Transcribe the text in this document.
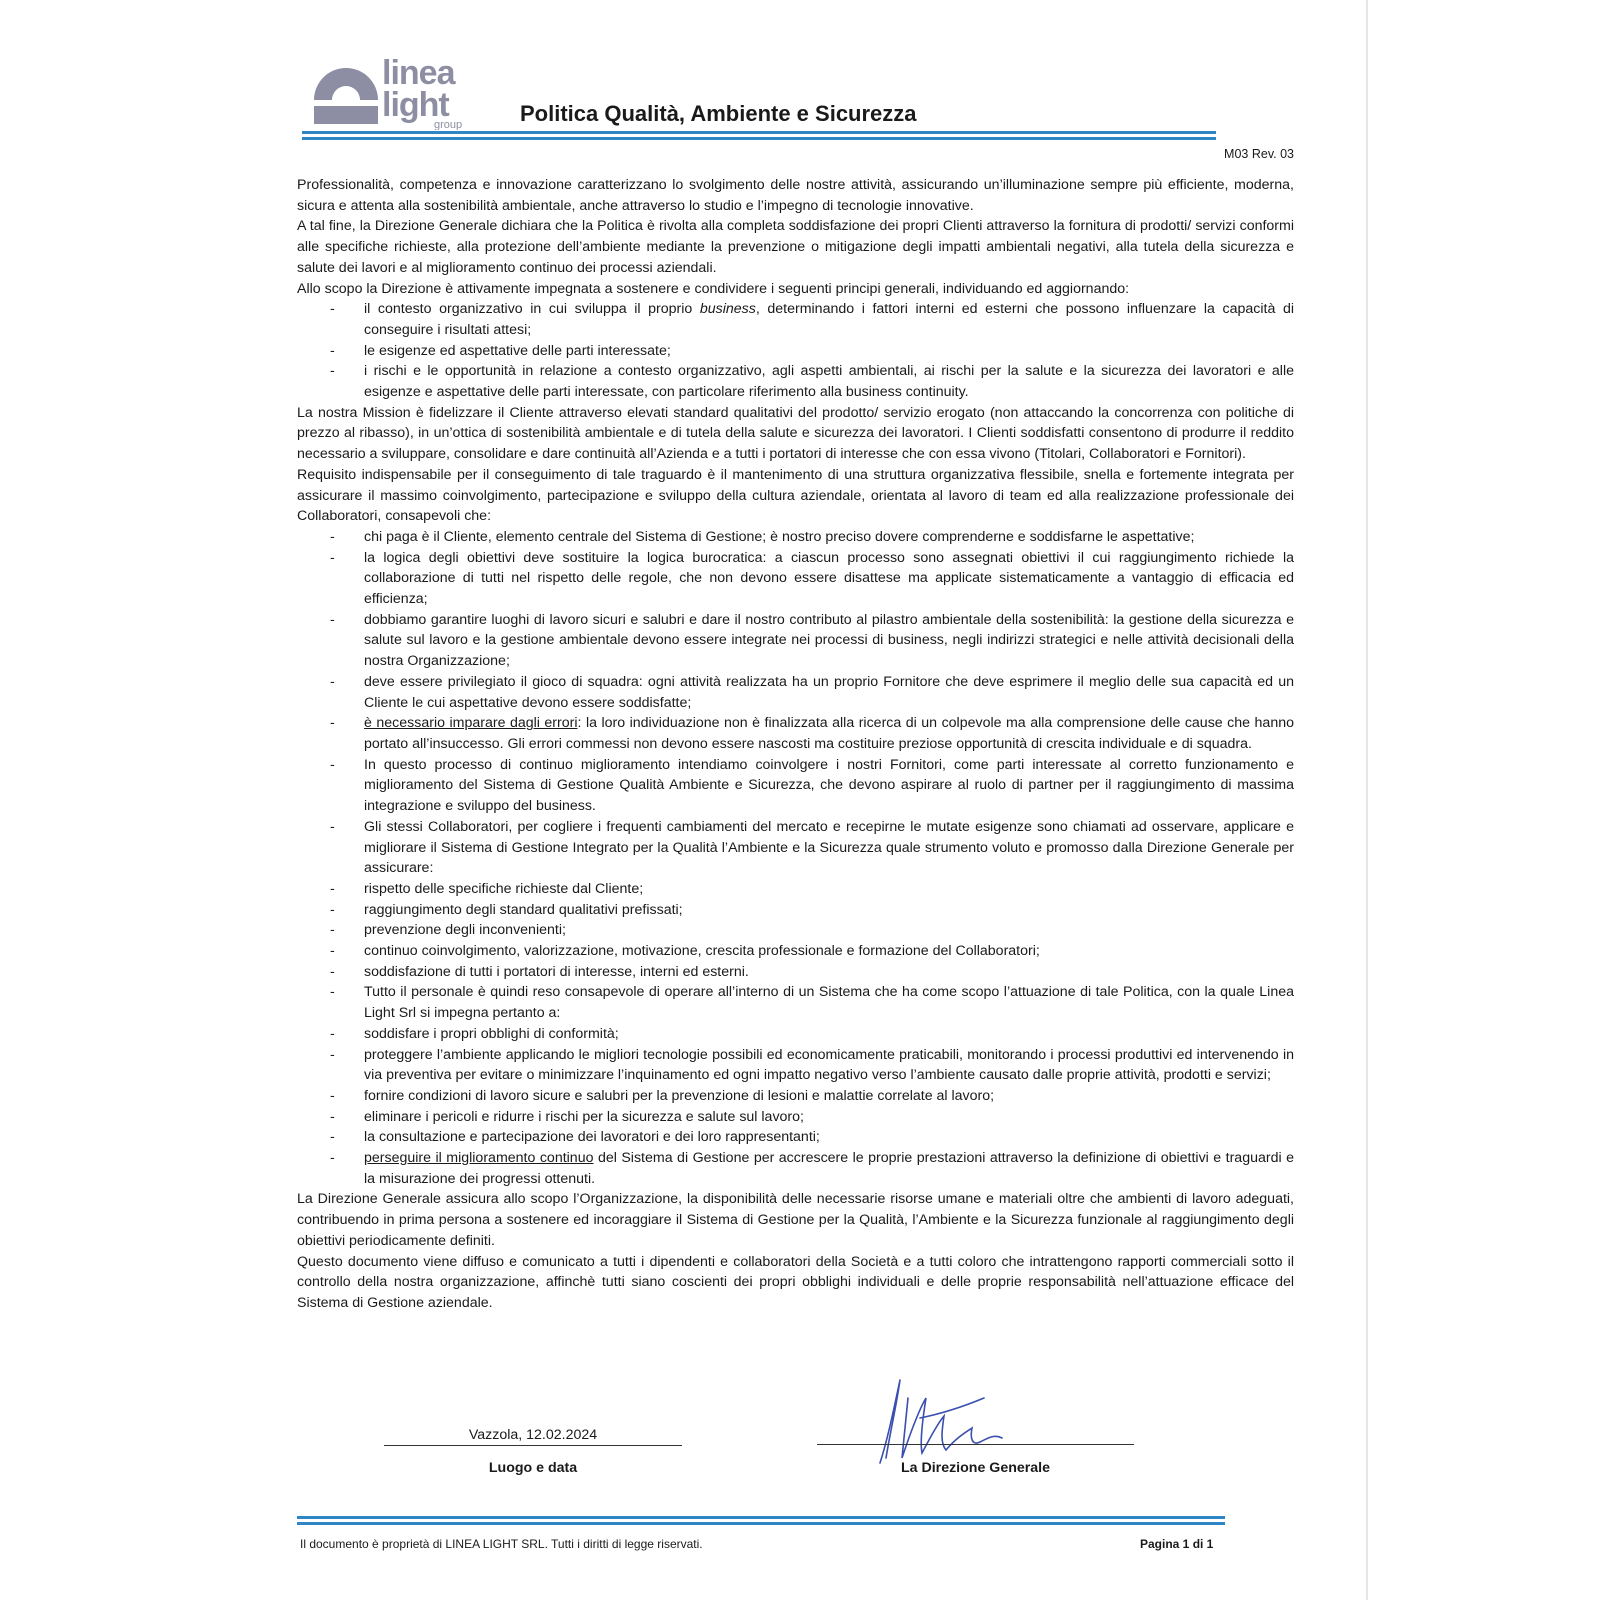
linea
light
group	Politica Qualità, Ambiente e Sicurezza
M03 Rev. 03

Professionalità, competenza e innovazione caratterizzano lo svolgimento delle nostre attività, assicurando un’illuminazione sempre più efficiente, moderna, sicura e attenta alla sostenibilità ambientale, anche attraverso lo studio e l’impegno di tecnologie innovative.

A tal fine, la Direzione Generale dichiara che la Politica è rivolta alla completa soddisfazione dei propri Clienti attraverso la fornitura di prodotti/ servizi conformi alle specifiche richieste, alla protezione dell’ambiente mediante la prevenzione o mitigazione degli impatti ambientali negativi, alla tutela della sicurezza e salute dei lavori e al miglioramento continuo dei processi aziendali.

Allo scopo la Direzione è attivamente impegnata a sostenere e condividere i seguenti principi generali, individuando ed aggiornando:

- il contesto organizzativo in cui sviluppa il proprio business, determinando i fattori interni ed esterni che possono influenzare la capacità di conseguire i risultati attesi;
- le esigenze ed aspettative delle parti interessate;
- i rischi e le opportunità in relazione a contesto organizzativo, agli aspetti ambientali, ai rischi per la salute e la sicurezza dei lavoratori e alle esigenze e aspettative delle parti interessate, con particolare riferimento alla business continuity.

La nostra Mission è fidelizzare il Cliente attraverso elevati standard qualitativi del prodotto/ servizio erogato (non attaccando la concorrenza con politiche di prezzo al ribasso), in un’ottica di sostenibilità ambientale e di tutela della salute e sicurezza dei lavoratori. I Clienti soddisfatti consentono di produrre il reddito necessario a sviluppare, consolidare e dare continuità all’Azienda e a tutti i portatori di interesse che con essa vivono (Titolari, Collaboratori e Fornitori).

Requisito indispensabile per il conseguimento di tale traguardo è il mantenimento di una struttura organizzativa flessibile, snella e fortemente integrata per assicurare il massimo coinvolgimento, partecipazione e sviluppo della cultura aziendale, orientata al lavoro di team ed alla realizzazione professionale dei Collaboratori, consapevoli che:

- chi paga è il Cliente, elemento centrale del Sistema di Gestione; è nostro preciso dovere comprenderne e soddisfarne le aspettative;
- la logica degli obiettivi deve sostituire la logica burocratica: a ciascun processo sono assegnati obiettivi il cui raggiungimento richiede la collaborazione di tutti nel rispetto delle regole, che non devono essere disattese ma applicate sistematicamente a vantaggio di efficacia ed efficienza;
- dobbiamo garantire luoghi di lavoro sicuri e salubri e dare il nostro contributo al pilastro ambientale della sostenibilità: la gestione della sicurezza e salute sul lavoro e la gestione ambientale devono essere integrate nei processi di business, negli indirizzi strategici e nelle attività decisionali della nostra Organizzazione;
- deve essere privilegiato il gioco di squadra: ogni attività realizzata ha un proprio Fornitore che deve esprimere il meglio delle sua capacità ed un Cliente le cui aspettative devono essere soddisfatte;
- è necessario imparare dagli errori: la loro individuazione non è finalizzata alla ricerca di un colpevole ma alla comprensione delle cause che hanno portato all’insuccesso. Gli errori commessi non devono essere nascosti ma costituire preziose opportunità di crescita individuale e di squadra.
- In questo processo di continuo miglioramento intendiamo coinvolgere i nostri Fornitori, come parti interessate al corretto funzionamento e miglioramento del Sistema di Gestione Qualità Ambiente e Sicurezza, che devono aspirare al ruolo di partner per il raggiungimento di massima integrazione e sviluppo del business.
- Gli stessi Collaboratori, per cogliere i frequenti cambiamenti del mercato e recepirne le mutate esigenze sono chiamati ad osservare, applicare e migliorare il Sistema di Gestione Integrato per la Qualità l’Ambiente e la Sicurezza quale strumento voluto e promosso dalla Direzione Generale per assicurare:
- rispetto delle specifiche richieste dal Cliente;
- raggiungimento degli standard qualitativi prefissati;
- prevenzione degli inconvenienti;
- continuo coinvolgimento, valorizzazione, motivazione, crescita professionale e formazione del Collaboratori;
- soddisfazione di tutti i portatori di interesse, interni ed esterni.
- Tutto il personale è quindi reso consapevole di operare all’interno di un Sistema che ha come scopo l’attuazione di tale Politica, con la quale Linea Light Srl si impegna pertanto a:
- soddisfare i propri obblighi di conformità;
- proteggere l’ambiente applicando le migliori tecnologie possibili ed economicamente praticabili, monitorando i processi produttivi ed intervenendo in via preventiva per evitare o minimizzare l’inquinamento ed ogni impatto negativo verso l’ambiente causato dalle proprie attività, prodotti e servizi;
- fornire condizioni di lavoro sicure e salubri per la prevenzione di lesioni e malattie correlate al lavoro;
- eliminare i pericoli e ridurre i rischi per la sicurezza e salute sul lavoro;
- la consultazione e partecipazione dei lavoratori e dei loro rappresentanti;
- perseguire il miglioramento continuo del Sistema di Gestione per accrescere le proprie prestazioni attraverso la definizione di obiettivi e traguardi e la misurazione dei progressi ottenuti.

La Direzione Generale assicura allo scopo l’Organizzazione, la disponibilità delle necessarie risorse umane e materiali oltre che ambienti di lavoro adeguati, contribuendo in prima persona a sostenere ed incoraggiare il Sistema di Gestione per la Qualità, l’Ambiente e la Sicurezza funzionale al raggiungimento degli obiettivi periodicamente definiti.

Questo documento viene diffuso e comunicato a tutti i dipendenti e collaboratori della Società e a tutti coloro che intrattengono rapporti commerciali sotto il controllo della nostra organizzazione, affinchè tutti siano coscienti dei propri obblighi individuali e delle proprie responsabilità nell’attuazione efficace del Sistema di Gestione aziendale.

Vazzola, 12.02.2024
Luogo e data	La Direzione Generale
Il documento è proprietà di LINEA LIGHT SRL. Tutti i diritti di legge riservati.	Pagina 1 di 1
